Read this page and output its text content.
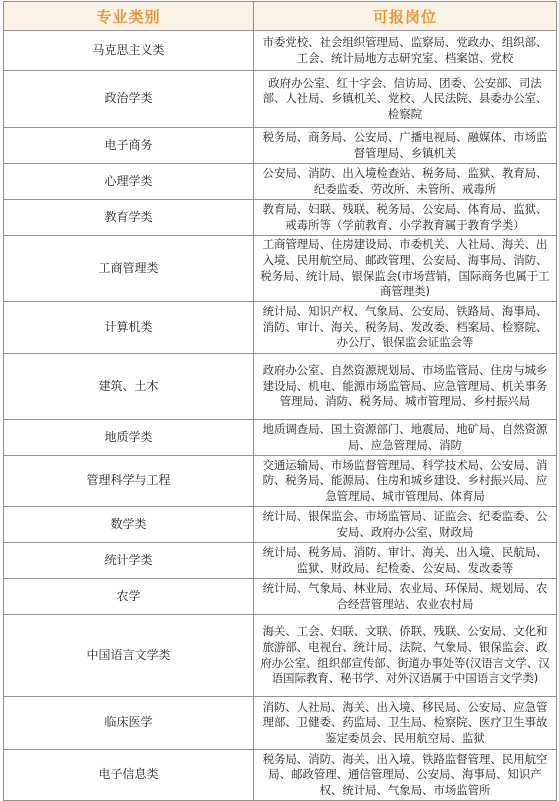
专业类别	可报岗位
马克思主义类	市委党校、社会组织管理局、监察局、党政办、组织部、工会、统计局地方志研究室、档案馆、党校
政治学类	政府办公室、红十字会、信访局、团委、公安部、司法部、人社局、乡镇机关、党校、人民法院、县委办公室、检察院
电子商务	税务局、商务局、公安局、广播电视局、融媒体、市场监督管理局、乡镇机关
心理学类	公安局、消防、出入境检查站、税务局、监狱、教育局、纪委监委、劳改所、未管所、戒毒所
教育学类	教育局、妇联、残联、税务局、公安局、体育局、监狱、戒毒所等（学前教育、小学教育属于教育学类）
工商管理类	工商管理局、住房建设局、市委机关、人社局、海关、出入境、民用航空局、邮政管理、公安局、海事局、消防、税务局、统计局、银保监会(市场营销，国际商务也属于工商管理类)
计算机类	统计局、知识产权、气象局、公安局、铁路局、海事局、消防、审计、海关、税务局、发改委、档案局、检察院、办公厅、银保监会证监会等
建筑、土木	政府办公室、自然资源规划局、市场监管局、住房与城乡建设局、机电、能源市场监管局、应急管理局、机关事务管理局、消防、税务局、城市管理局、乡村振兴局
地质学类	地质调查局、国土资源部门、地震局、地矿局、自然资源局、应急管理局、消防
管理科学与工程	交通运输局、市场监督管理局、科学技术局、公安局、消防、税务局、能源局、住房和城乡建设、乡村振兴局、应急管理局、城市管理局、体育局
数学类	统计局、银保监会、市场监管局、证监会、纪委监委、公安局、政府办公室、财政局
统计学类	统计局、税务局、消防、审计、海关、出入境、民航局、监狱、财政局、纪检委、公安局、发改委等
农学	统计局、气象局、林业局、农业局、环保局、规划局、农合经营管理站、农业农村局
中国语言文学类	海关、工会、妇联、文联、侨联、残联、公安局、文化和旅游部、电视台、统计局、法院、气象局、银保监会、政府办公室、组织部宣传部、街道办事处等(汉语言文学、汉语国际教育、秘书学、对外汉语属于中国语言文学类)
临床医学	消防、人社局、海关、出入境、移民局、公安局、应急管理部、卫健委、药监局、卫生局、检察院、医疗卫生事故鉴定委员会、民用航空局、监狱
电子信息类	税务局、消防、海关、出入境、铁路监督管理、民用航空局、邮政管理、通信管理局、公安局、海事局、知识产权、统计局、气象局、市场监管所
